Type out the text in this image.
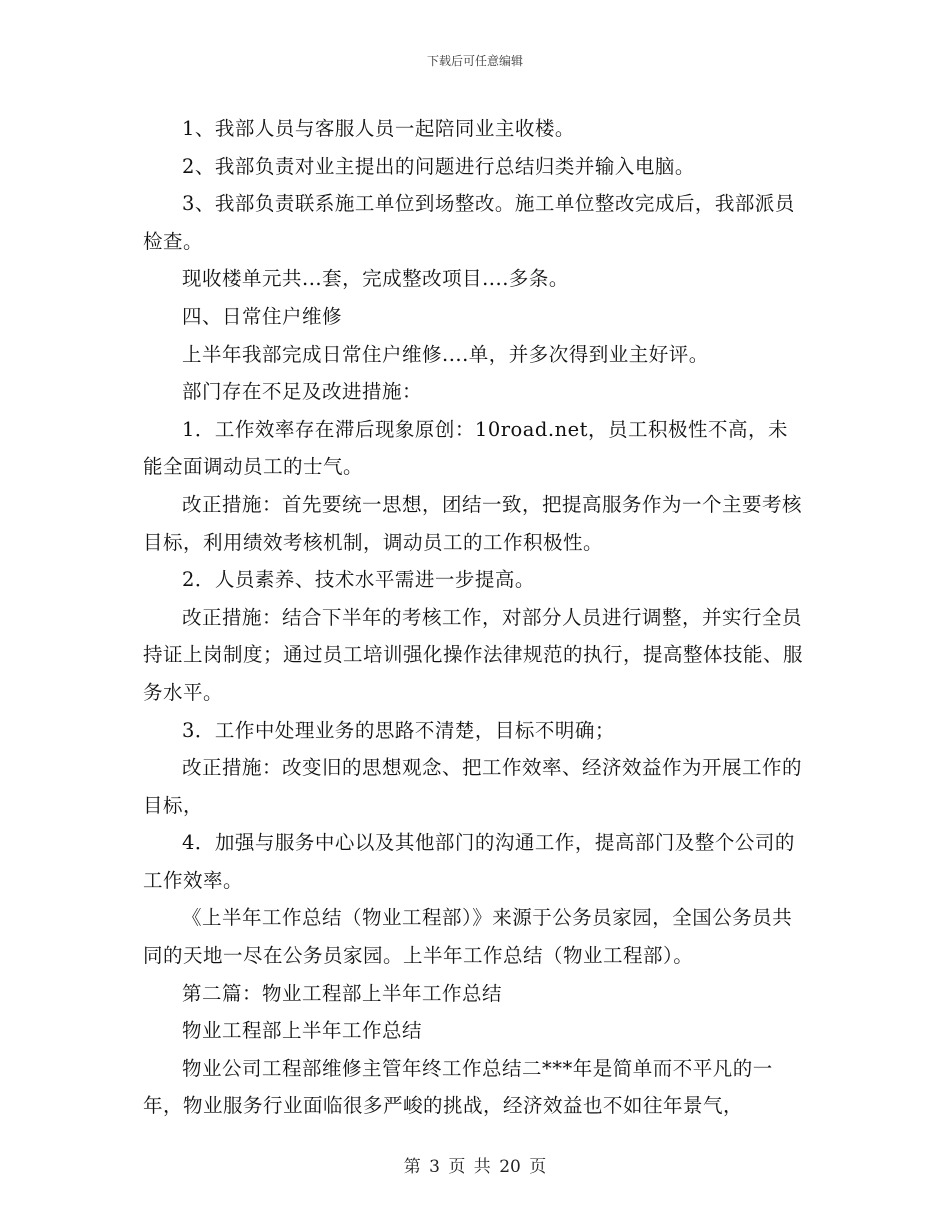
下载后可任意编辑

1、我部人员与客服人员一起陪同业主收楼。

2、我部负责对业主提出的问题进行总结归类并输入电脑。

3、我部负责联系施工单位到场整改。施工单位整改完成后，我部派员检查。

现收楼单元共...套，完成整改项目....多条。

四、日常住户维修

上半年我部完成日常住户维修....单，并多次得到业主好评。

部门存在不足及改进措施：

1．工作效率存在滞后现象原创：10road.net，员工积极性不高，未能全面调动员工的士气。

改正措施：首先要统一思想，团结一致，把提高服务作为一个主要考核目标，利用绩效考核机制，调动员工的工作积极性。

2．人员素养、技术水平需进一步提高。

改正措施：结合下半年的考核工作，对部分人员进行调整，并实行全员持证上岗制度；通过员工培训强化操作法律规范的执行，提高整体技能、服务水平。

3．工作中处理业务的思路不清楚，目标不明确；

改正措施：改变旧的思想观念、把工作效率、经济效益作为开展工作的目标，

4．加强与服务中心以及其他部门的沟通工作，提高部门及整个公司的工作效率。

《上半年工作总结（物业工程部）》来源于公务员家园，全国公务员共同的天地一尽在公务员家园。上半年工作总结（物业工程部）。

第二篇：物业工程部上半年工作总结

物业工程部上半年工作总结

物业公司工程部维修主管年终工作总结二***年是简单而不平凡的一年，物业服务行业面临很多严峻的挑战，经济效益也不如往年景气，

第 3 页 共 20 页
